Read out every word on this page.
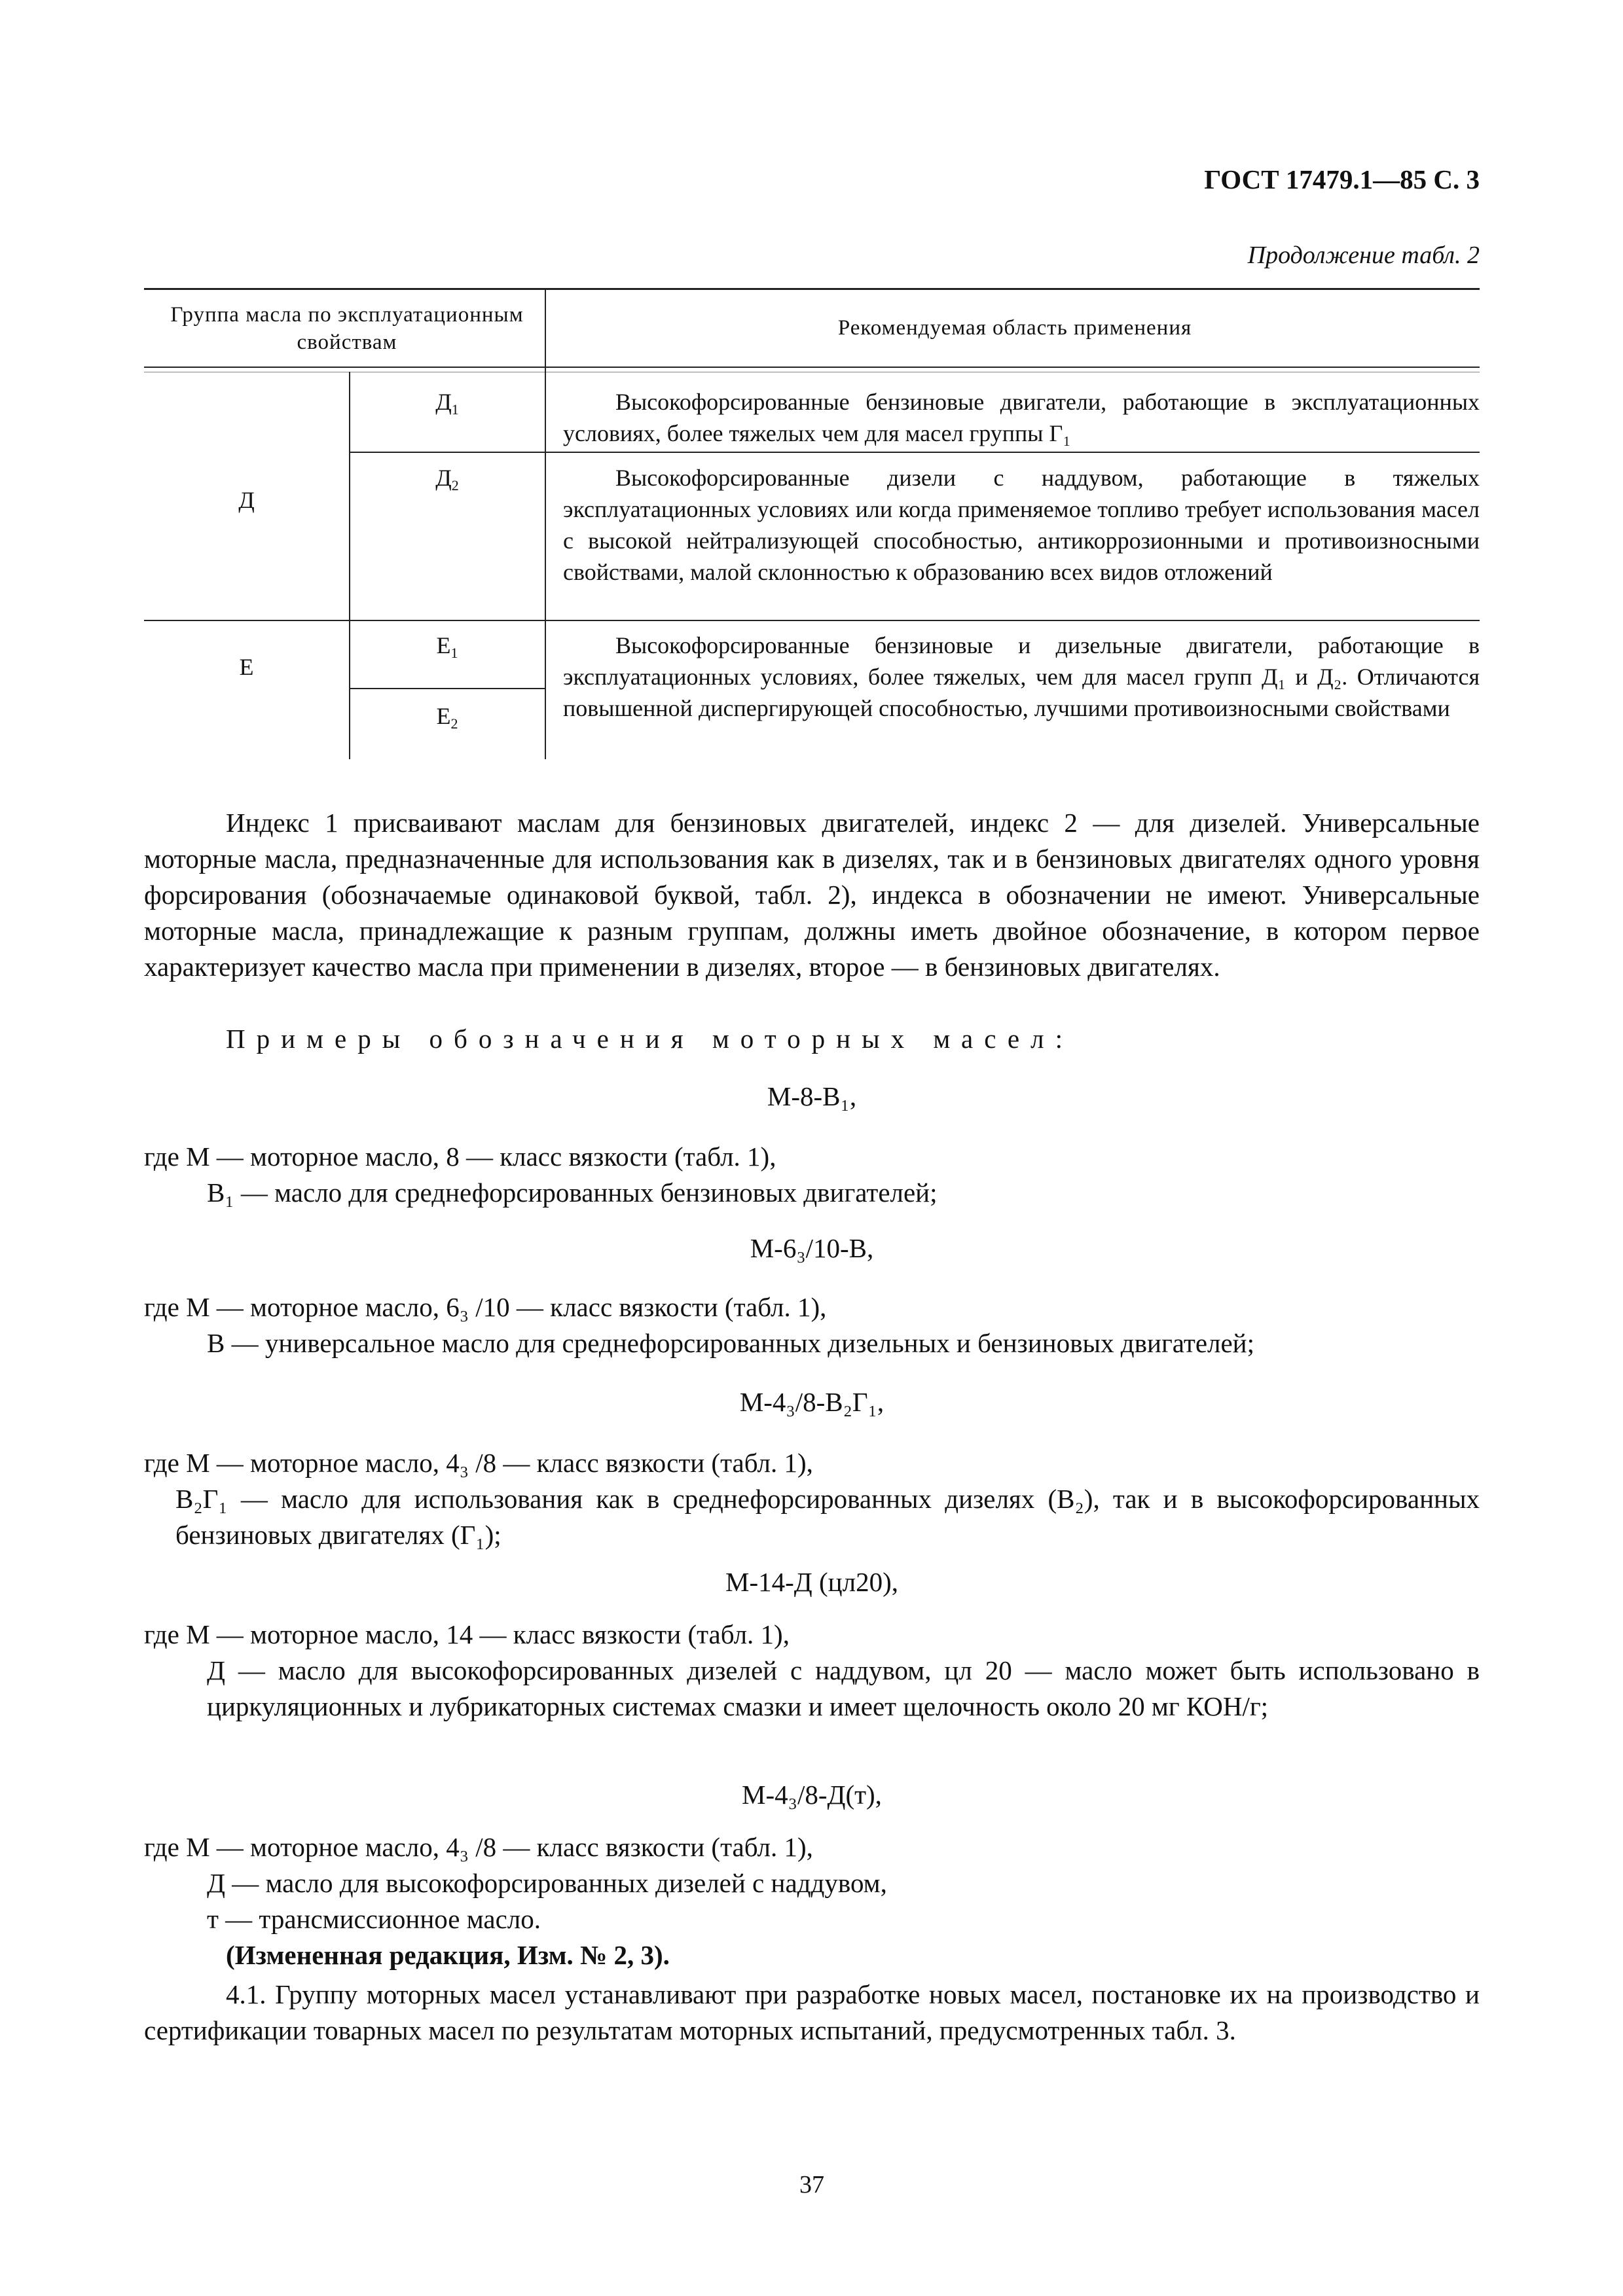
ГОСТ 17479.1—85 С. 3
Продолжение табл. 2
Группа масла по эксплуатационным свойствам
Рекомендуемая область применения
Д
$Д_1$	Высокофорсированные бензиновые двигатели, работающие в эксплуатационных условиях, более тяжелых чем для масел группы Г₁
$Д_2$	Высокофорсированные дизели с наддувом, работающие в тяжелых эксплуатационных условиях или когда применяемое топливо требует использования масел с высокой нейтрализующей способностью, антикоррозионными и противоизносными свойствами, малой склонностью к образованию всех видов отложений
Е
$Е_1$
$Е_2$
Высокофорсированные бензиновые и дизельные двигатели, работающие в эксплуатационных условиях, более тяжелых, чем для масел групп Д₁ и Д₂. Отличаются повышенной диспергирующей способностью, лучшими противоизносными свойствами
Индекс 1 присваивают маслам для бензиновых двигателей, индекс 2 — для дизелей. Универсальные моторные масла, предназначенные для использования как в дизелях, так и в бензиновых двигателях одного уровня форсирования (обозначаемые одинаковой буквой, табл. 2), индекса в обозначении не имеют. Универсальные моторные масла, принадлежащие к разным группам, должны иметь двойное обозначение, в котором первое характеризует качество масла при применении в дизелях, второе — в бензиновых двигателях.
Примеры обозначения моторных масел:
М-8-В₁,
где М — моторное масло, 8 — класс вязкости (табл. 1),
В₁ — масло для среднефорсированных бензиновых двигателей;
М-6₃/10-В,
где М — моторное масло, 6₃ /10 — класс вязкости (табл. 1),
В — универсальное масло для среднефорсированных дизельных и бензиновых двигателей;
М-4₃/8-В₂Г₁,
где М — моторное масло, 4₃ /8 — класс вязкости (табл. 1),
В₂Г₁ — масло для использования как в среднефорсированных дизелях (В₂), так и в высокофорсированных бензиновых двигателях (Г₁);
М-14-Д (цл20),
где М — моторное масло, 14 — класс вязкости (табл. 1),
Д — масло для высокофорсированных дизелей с наддувом, цл 20 — масло может быть использовано в циркуляционных и лубрикаторных системах смазки и имеет щелочность около 20 мг КОН/г;
М-4₃/8-Д(т),
где М — моторное масло, 4₃ /8 — класс вязкости (табл. 1),
Д — масло для высокофорсированных дизелей с наддувом,
т — трансмиссионное масло.
(Измененная редакция, Изм. № 2, 3).
4.1. Группу моторных масел устанавливают при разработке новых масел, постановке их на производство и сертификации товарных масел по результатам моторных испытаний, предусмотренных табл. 3.
37
